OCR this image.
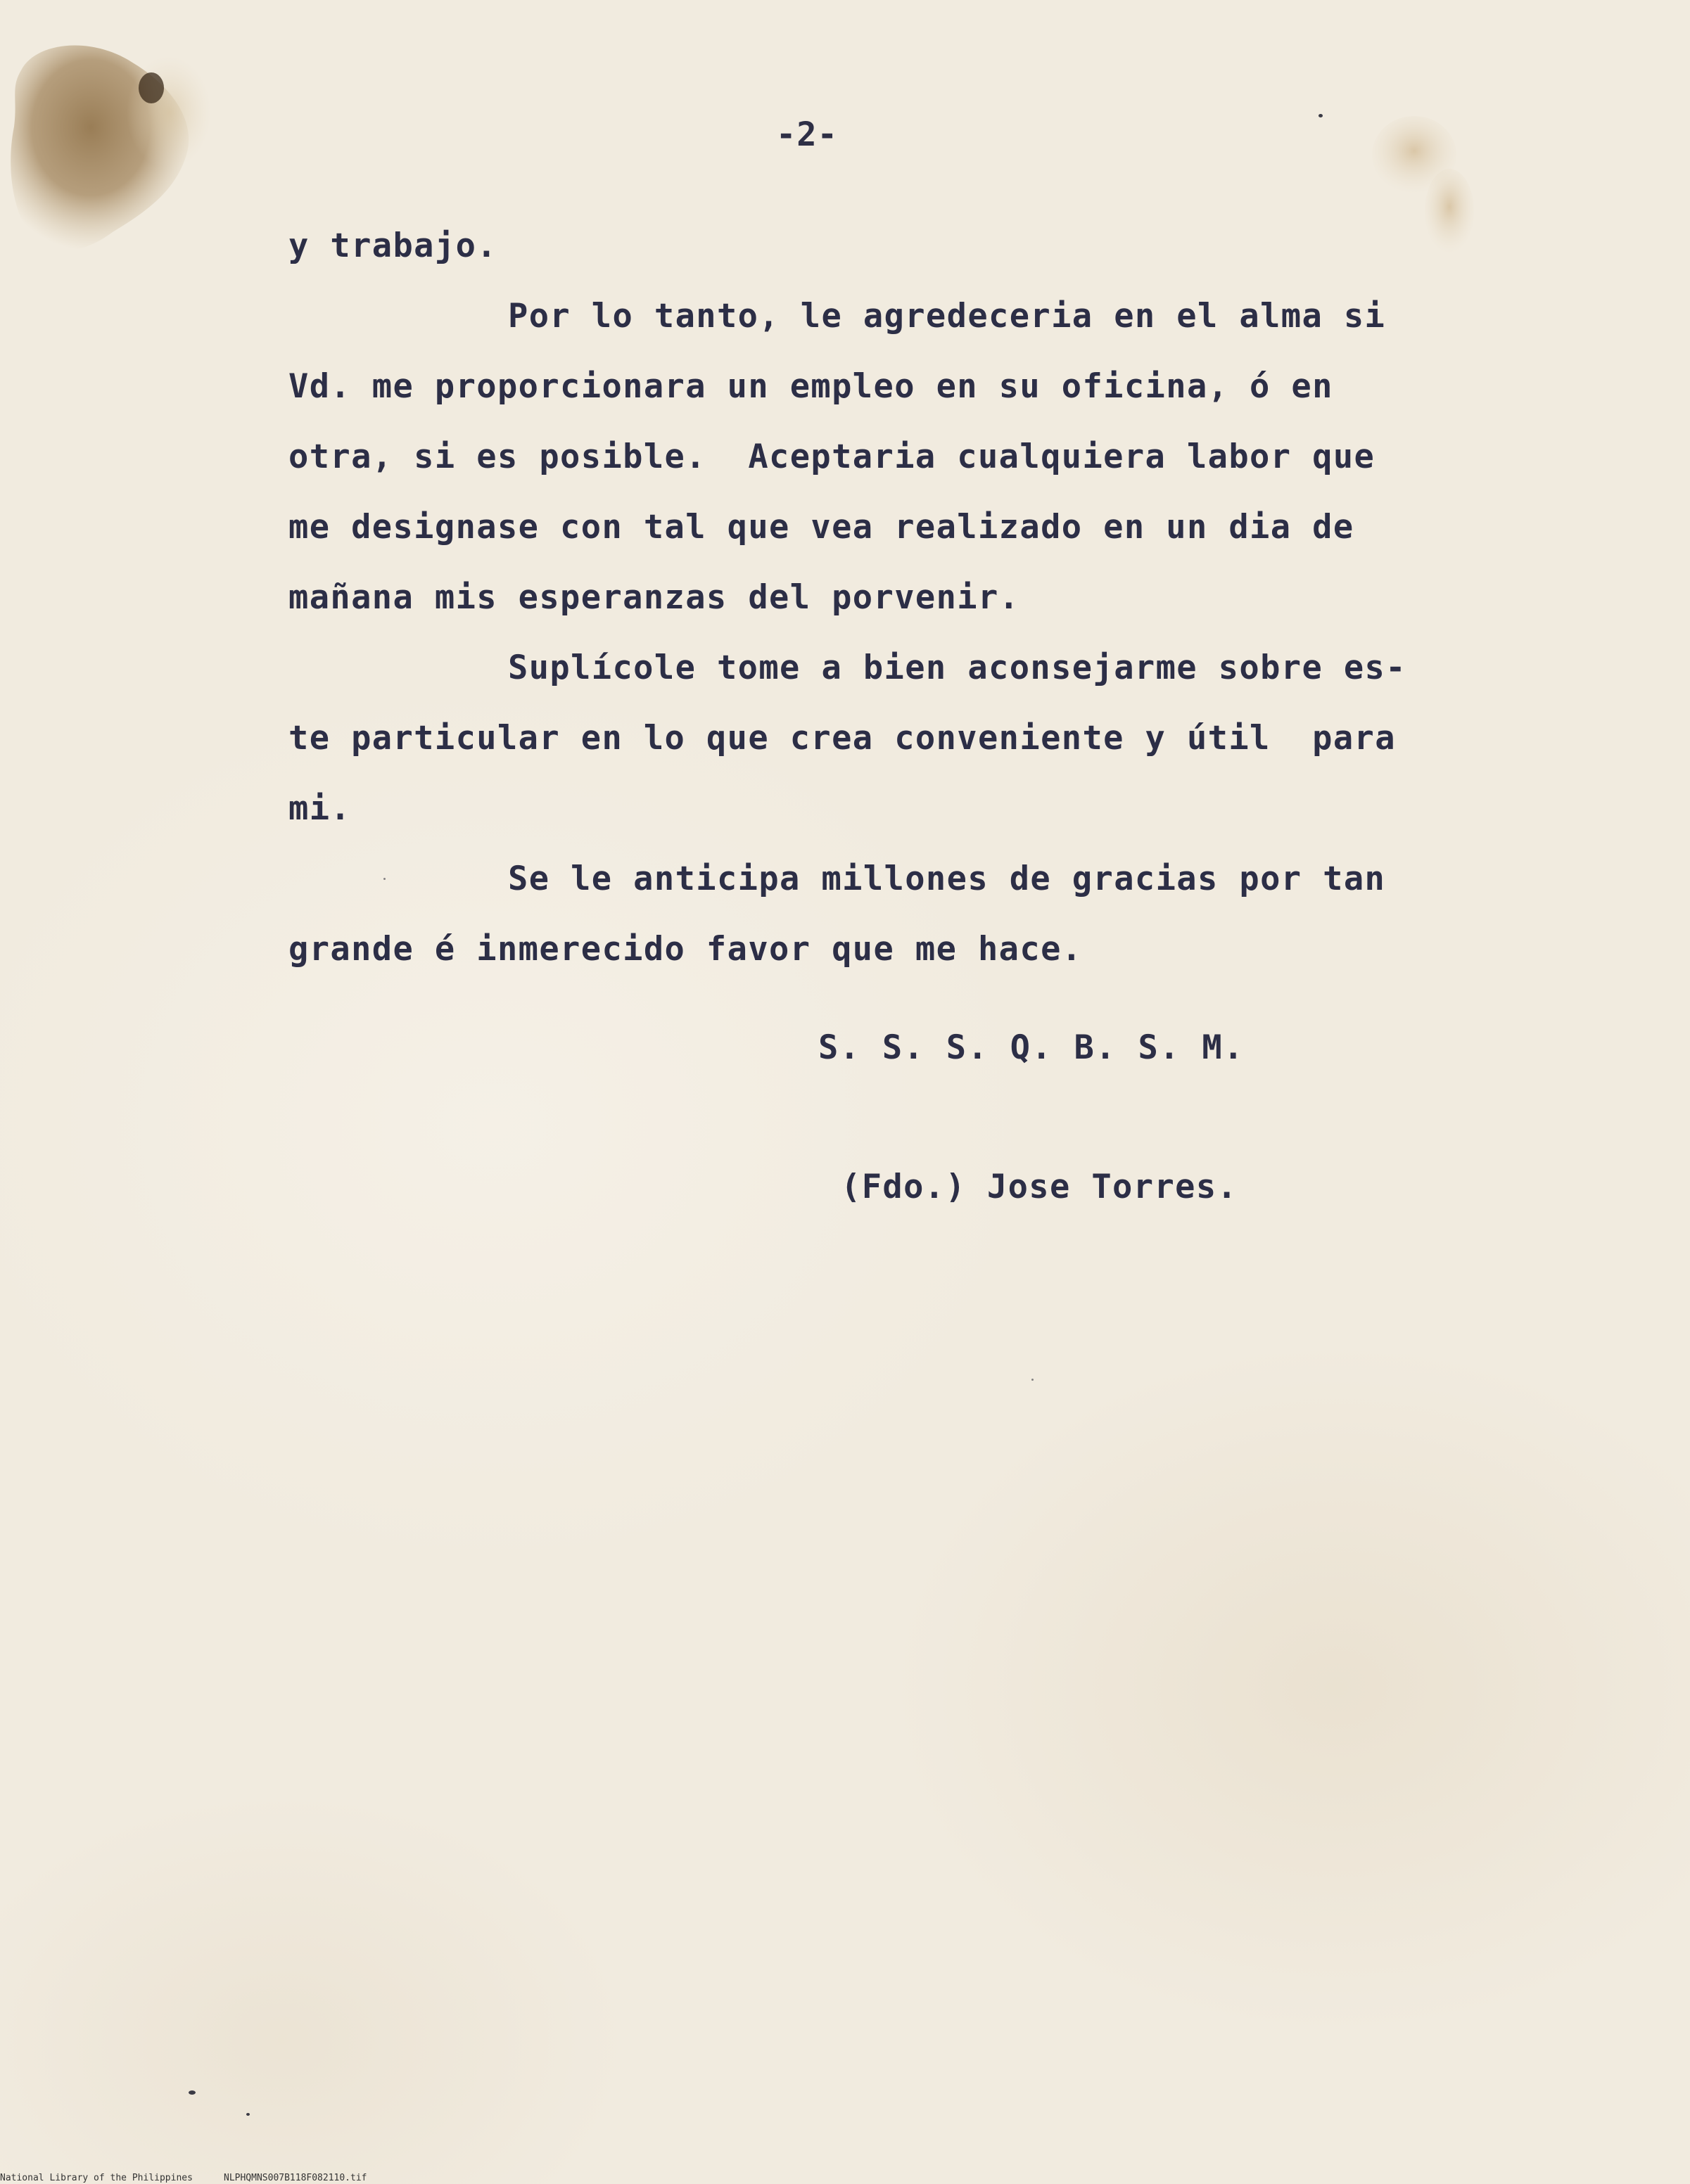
-2-
y trabajo.
Por lo tanto, le agredeceria en el alma si
Vd. me proporcionara un empleo en su oficina, ó en
otra, si es posible.  Aceptaria cualquiera labor que
me designase con tal que vea realizado en un dia de
mañana mis esperanzas del porvenir.
Suplícole tome a bien aconsejarme sobre es-
te particular en lo que crea conveniente y útil  para
mi.
Se le anticipa millones de gracias por tan
grande é inmerecido favor que me hace.
S. S. S. Q. B. S. M.
(Fdo.) Jose Torres.
National Library of the Philippines	NLPHQMNS007B118F082110.tif
